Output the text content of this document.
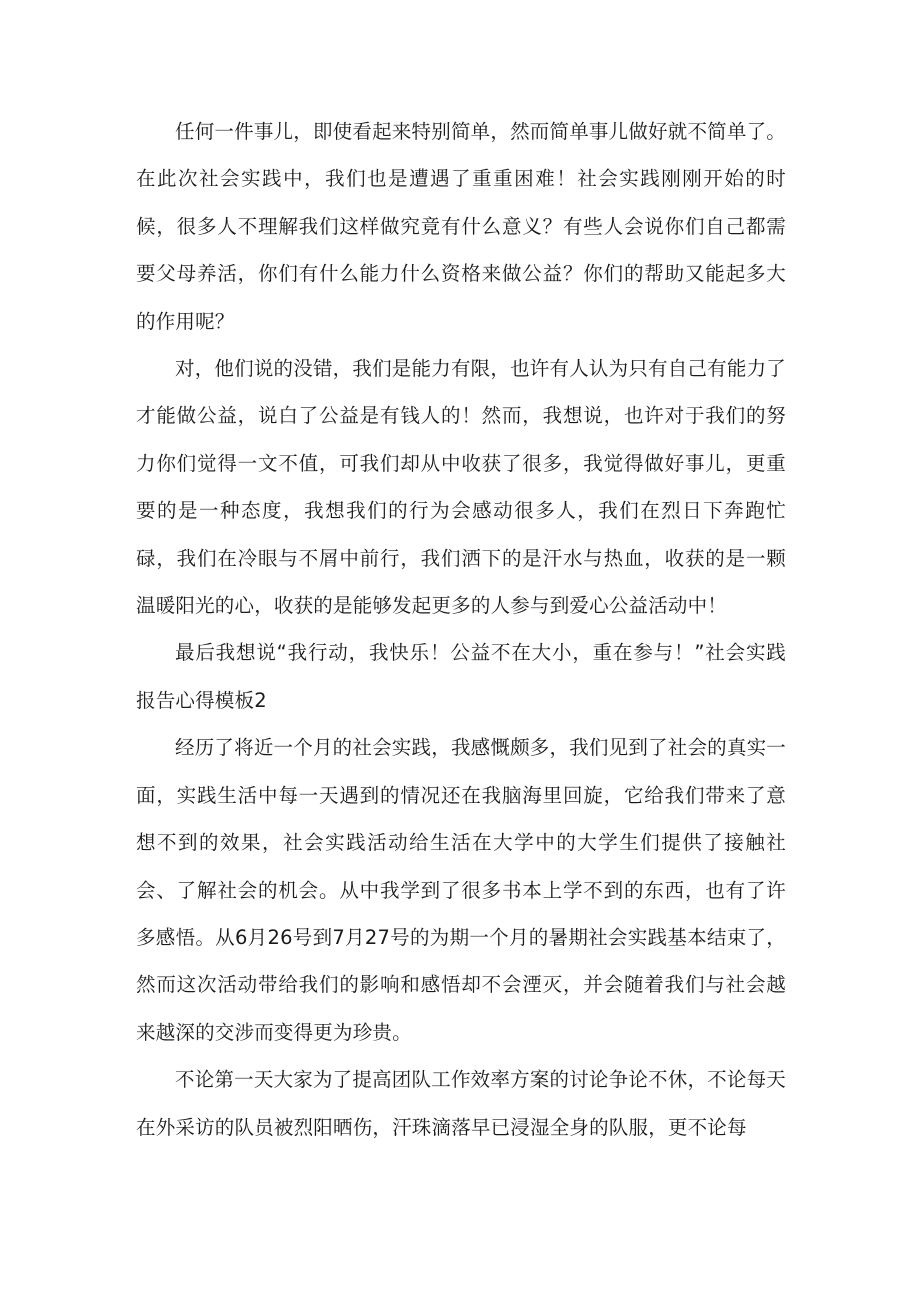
任何一件事儿，即使看起来特别简单，然而简单事儿做好就不简单了。在此次社会实践中，我们也是遭遇了重重困难！社会实践刚刚开始的时候，很多人不理解我们这样做究竟有什么意义？有些人会说你们自己都需要父母养活，你们有什么能力什么资格来做公益？你们的帮助又能起多大的作用呢？

对，他们说的没错，我们是能力有限，也许有人认为只有自己有能力了才能做公益，说白了公益是有钱人的！然而，我想说，也许对于我们的努力你们觉得一文不值，可我们却从中收获了很多，我觉得做好事儿，更重要的是一种态度，我想我们的行为会感动很多人，我们在烈日下奔跑忙碌，我们在冷眼与不屑中前行，我们洒下的是汗水与热血，收获的是一颗温暖阳光的心，收获的是能够发起更多的人参与到爱心公益活动中！

最后我想说“我行动，我快乐！公益不在大小，重在参与！”社会实践报告心得模板2

经历了将近一个月的社会实践，我感慨颇多，我们见到了社会的真实一面，实践生活中每一天遇到的情况还在我脑海里回旋，它给我们带来了意想不到的效果，社会实践活动给生活在大学中的大学生们提供了接触社会、了解社会的机会。从中我学到了很多书本上学不到的东西，也有了许多感悟。从6月26号到7月27号的为期一个月的暑期社会实践基本结束了，然而这次活动带给我们的影响和感悟却不会湮灭，并会随着我们与社会越来越深的交涉而变得更为珍贵。

不论第一天大家为了提高团队工作效率方案的讨论争论不休，不论每天在外采访的队员被烈阳晒伤，汗珠滴落早已浸湿全身的队服，更不论每
